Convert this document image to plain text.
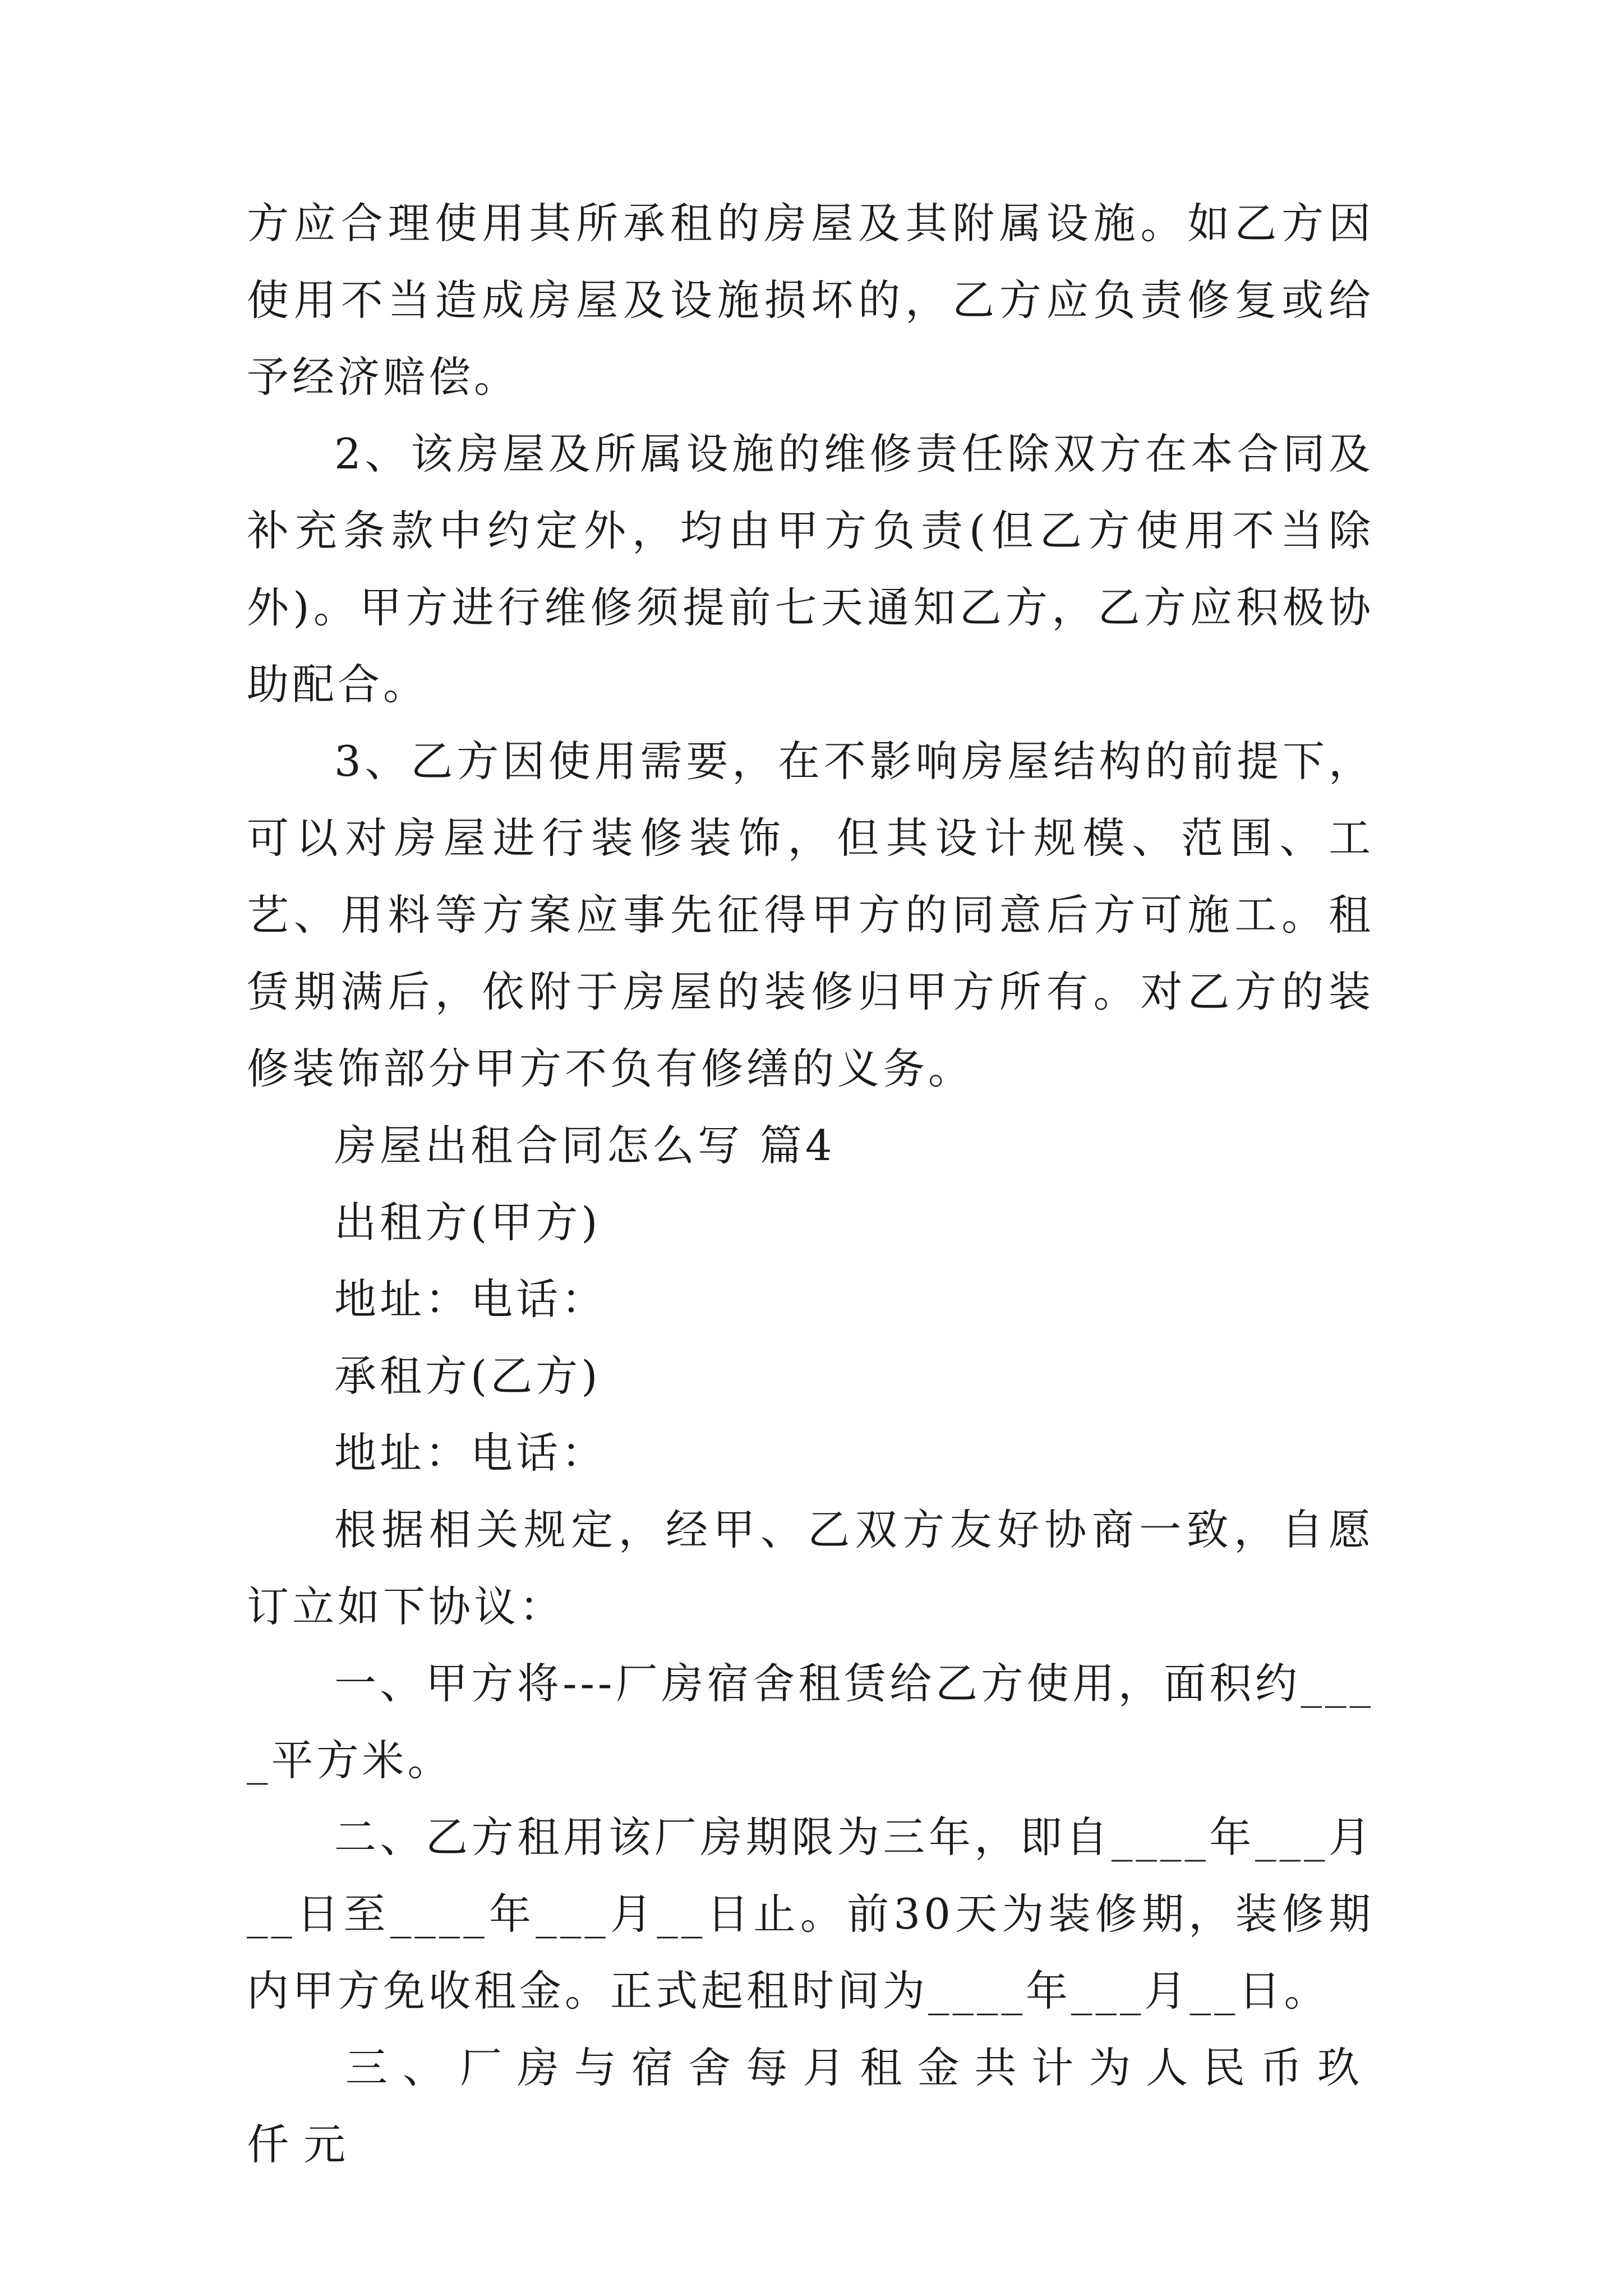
方应合理使用其所承租的房屋及其附属设施。如乙方因使用不当造成房屋及设施损坏的，乙方应负责修复或给予经济赔偿。

2、该房屋及所属设施的维修责任除双方在本合同及补充条款中约定外，均由甲方负责(但乙方使用不当除外)。甲方进行维修须提前七天通知乙方，乙方应积极协助配合。

3、乙方因使用需要，在不影响房屋结构的前提下，可以对房屋进行装修装饰，但其设计规模、范围、工艺、用料等方案应事先征得甲方的同意后方可施工。租赁期满后，依附于房屋的装修归甲方所有。对乙方的装修装饰部分甲方不负有修缮的义务。

房屋出租合同怎么写 篇4

出租方(甲方)

地址：电话：

承租方(乙方)

地址：电话：

根据相关规定，经甲、乙双方友好协商一致，自愿订立如下协议：

一、甲方将---厂房宿舍租赁给乙方使用，面积约____平方米。

二、乙方租用该厂房期限为三年，即自____年___月__日至____年___月__日止。前30天为装修期，装修期内甲方免收租金。正式起租时间为____年___月__日。

三、厂房与宿舍每月租金共计为人民币玖仟元
